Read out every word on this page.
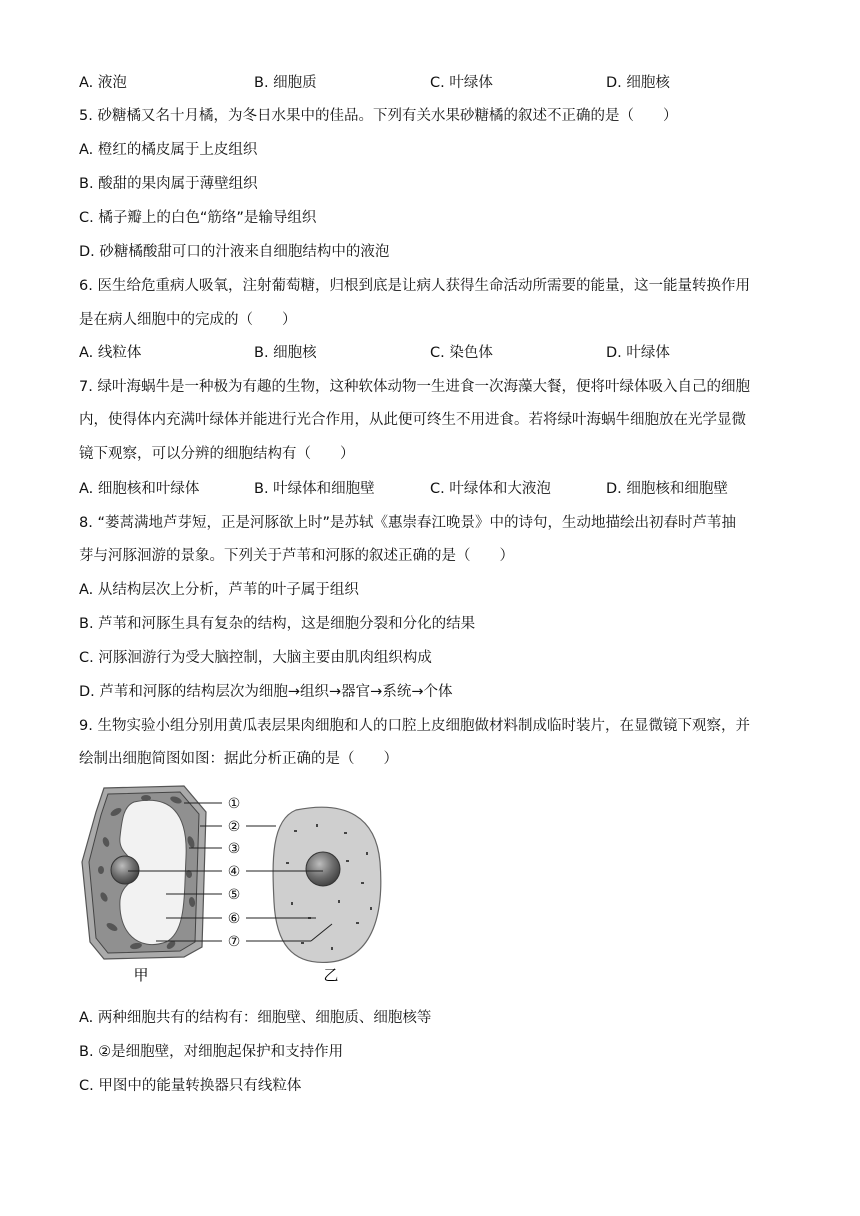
A. 液泡	B. 细胞质	C. 叶绿体	D. 细胞核
5. 砂糖橘又名十月橘，为冬日水果中的佳品。下列有关水果砂糖橘的叙述不正确的是（　　）
A. 橙红的橘皮属于上皮组织
B. 酸甜的果肉属于薄壁组织
C. 橘子瓣上的白色“筋络”是输导组织
D. 砂糖橘酸甜可口的汁液来自细胞结构中的液泡
6. 医生给危重病人吸氧，注射葡萄糖，归根到底是让病人获得生命活动所需要的能量，这一能量转换作用
是在病人细胞中的完成的（　　）
A. 线粒体	B. 细胞核	C. 染色体	D. 叶绿体
7. 绿叶海蜗牛是一种极为有趣的生物，这种软体动物一生进食一次海藻大餐，便将叶绿体吸入自己的细胞
内，使得体内充满叶绿体并能进行光合作用，从此便可终生不用进食。若将绿叶海蜗牛细胞放在光学显微
镜下观察，可以分辨的细胞结构有（　　）
A. 细胞核和叶绿体	B. 叶绿体和细胞壁	C. 叶绿体和大液泡	D. 细胞核和细胞壁
8. “蒌蒿满地芦芽短，正是河豚欲上时”是苏轼《惠崇春江晚景》中的诗句，生动地描绘出初春时芦苇抽
芽与河豚洄游的景象。下列关于芦苇和河豚的叙述正确的是（　　）
A. 从结构层次上分析，芦苇的叶子属于组织
B. 芦苇和河豚生具有复杂的结构，这是细胞分裂和分化的结果
C. 河豚洄游行为受大脑控制，大脑主要由肌肉组织构成
D. 芦苇和河豚的结构层次为细胞→组织→器官→系统→个体
9. 生物实验小组分别用黄瓜表层果肉细胞和人的口腔上皮细胞做材料制成临时装片，在显微镜下观察，并
绘制出细胞简图如图：据此分析正确的是（　　）
①
②
③
④
⑤
⑥
⑦
甲	乙
A. 两种细胞共有的结构有：细胞壁、细胞质、细胞核等
B. ②是细胞壁，对细胞起保护和支持作用
C. 甲图中的能量转换器只有线粒体
